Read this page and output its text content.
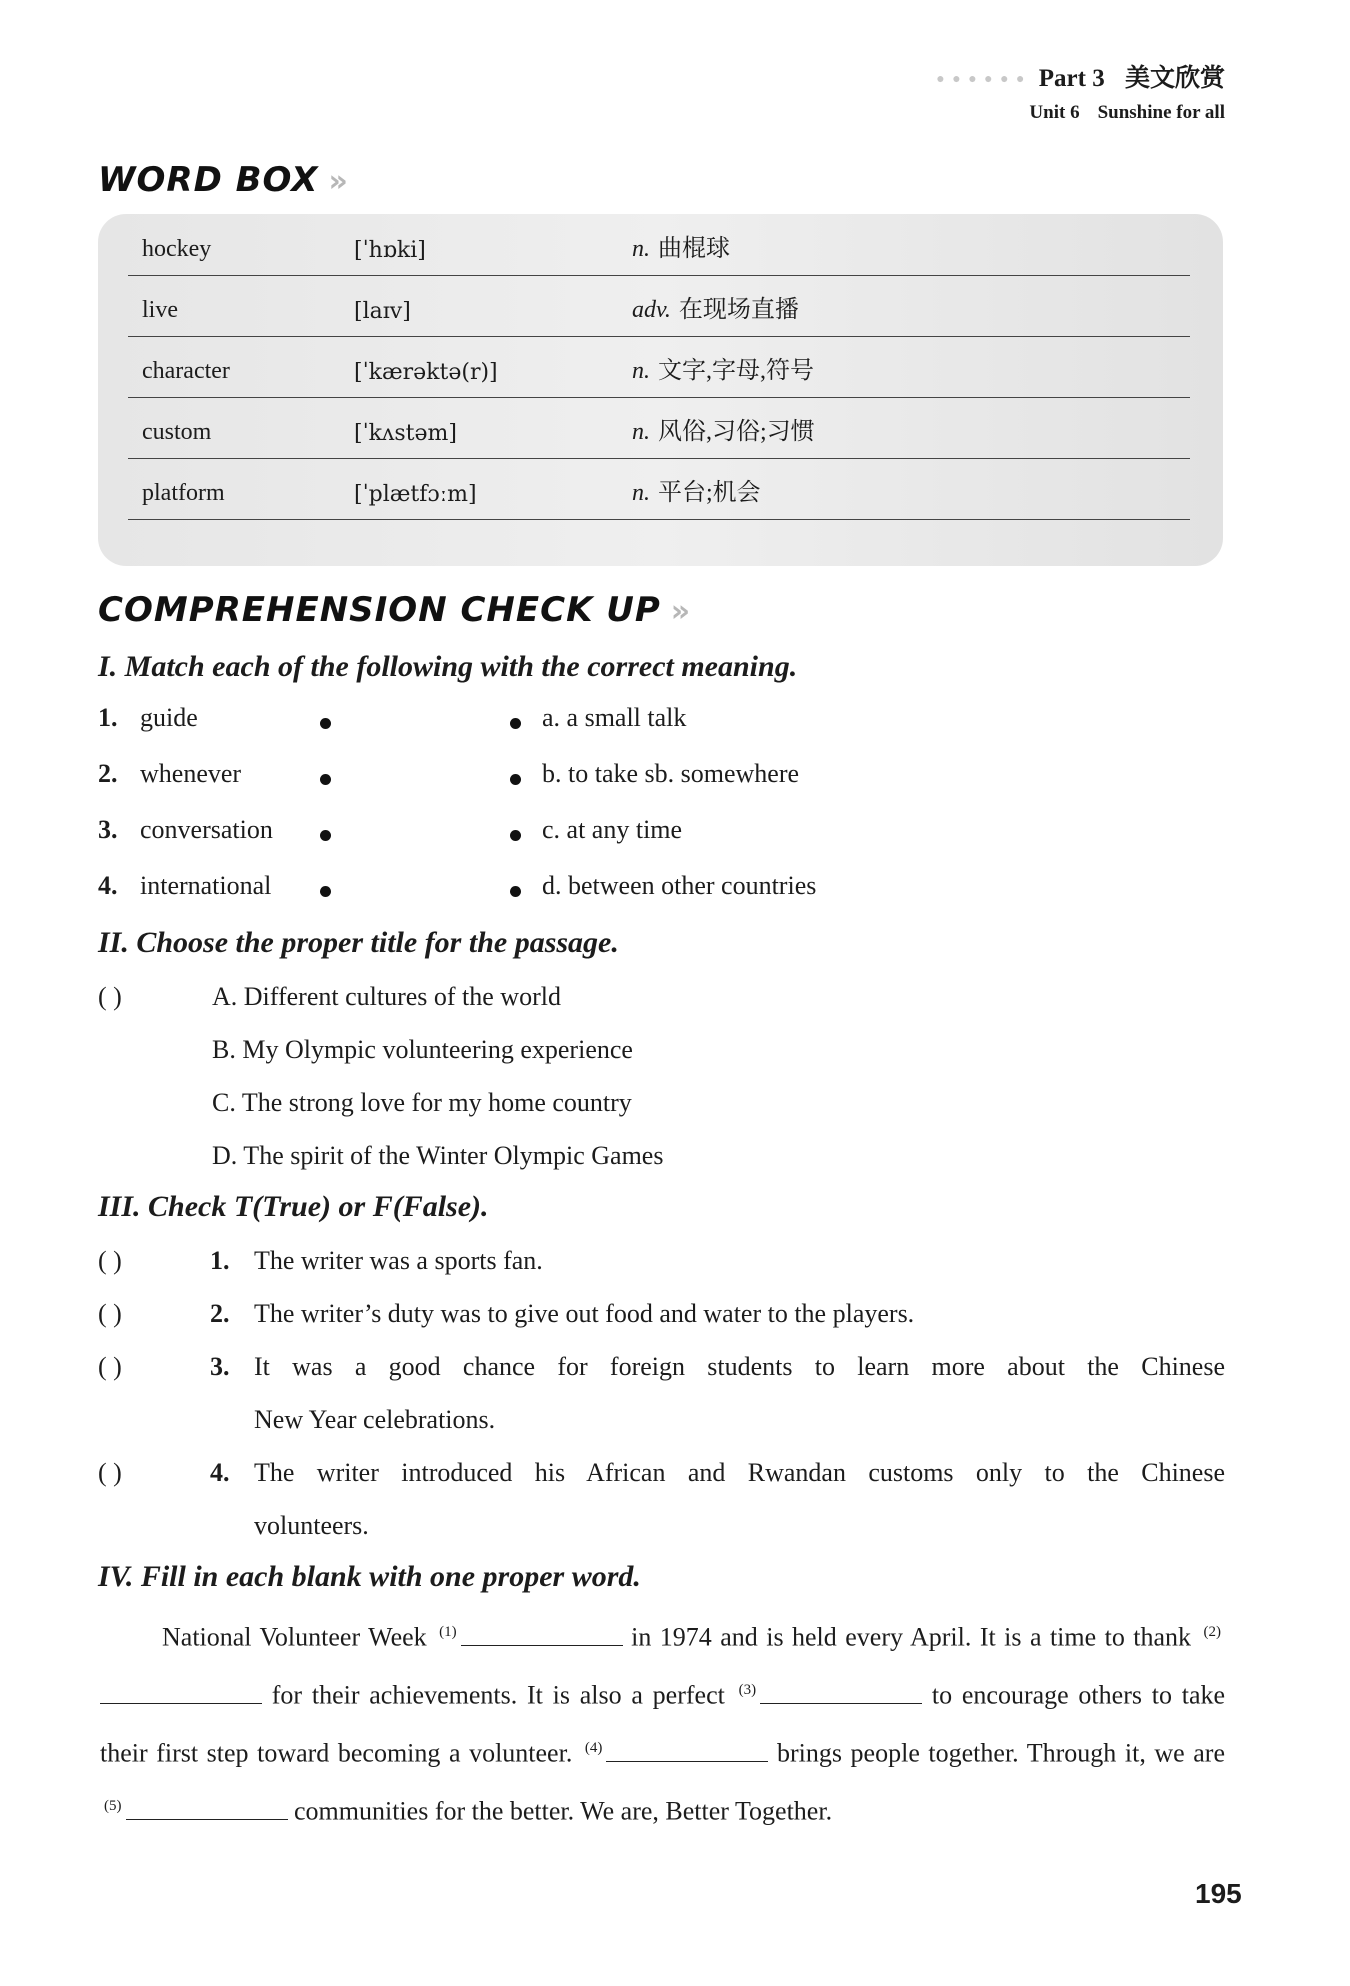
● ● ● ● ● ● Part 3 美文欣赏
Unit 6 Sunshine for all
WORD BOX »
hockey	[ˈhɒki]	n. 曲棍球
live	[laɪv]	adv. 在现场直播
character	[ˈkærəktə(r)]	n. 文字,字母,符号
custom	[ˈkʌstəm]	n. 风俗,习俗;习惯
platform	[ˈplætfɔːm]	n. 平台;机会
COMPREHENSION CHECK UP »
I. Match each of the following with the correct meaning.
1. guide	a. a small talk
2. whenever	b. to take sb. somewhere
3. conversation	c. at any time
4. international	d. between other countries
II. Choose the proper title for the passage.
( )	A. Different cultures of the world
B. My Olympic volunteering experience
C. The strong love for my home country
D. The spirit of the Winter Olympic Games
III. Check T(True) or F(False).
( )	1. The writer was a sports fan.
( )	2. The writer’s duty was to give out food and water to the players.
( )	3. It was a good chance for foreign students to learn more about the Chinese
New Year celebrations.
( )	4. The writer introduced his African and Rwandan customs only to the Chinese
volunteers.
IV. Fill in each blank with one proper word.
National Volunteer Week $^{(1)}$	in 1974 and is held every April. It is a time to thank $^{(2)}$ for their achievements. It is also a perfect $^{(3)}$	to encourage others to take their first step toward becoming a volunteer. $^{(4)}$	brings people together. Through it, we are $^{(5)}$	communities for the better. We are, Better Together.
195
